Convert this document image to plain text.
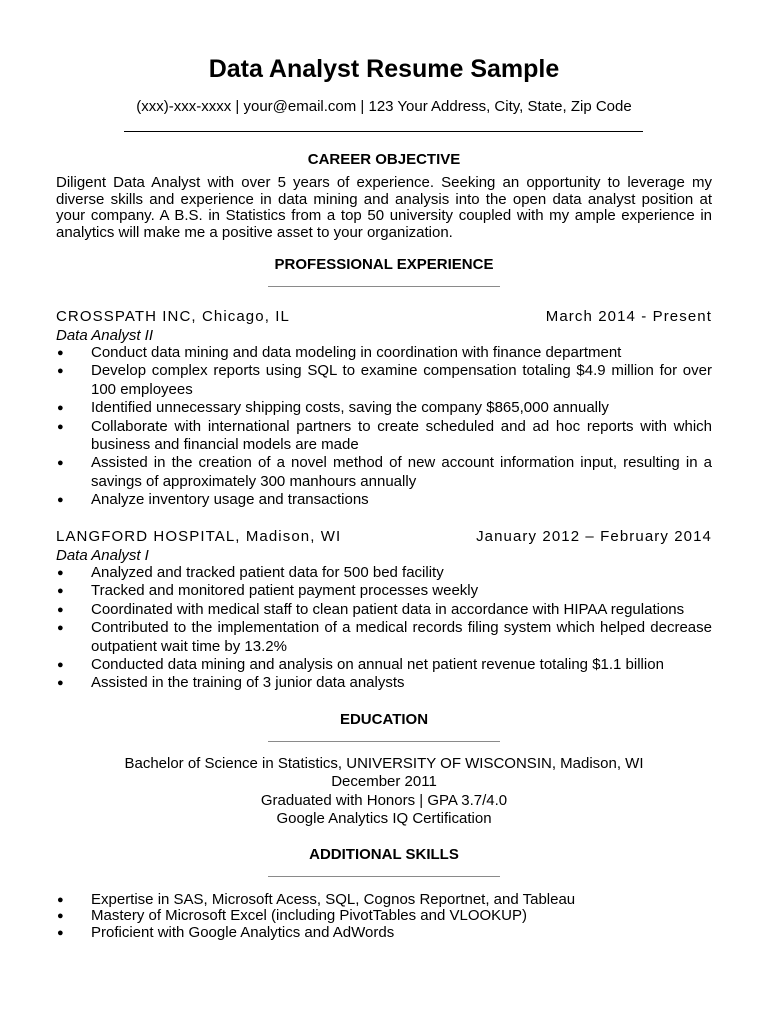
Data Analyst Resume Sample
(xxx)-xxx-xxxx | your@email.com | 123 Your Address, City, State, Zip Code
CAREER OBJECTIVE
Diligent Data Analyst with over 5 years of experience. Seeking an opportunity to leverage my diverse skills and experience in data mining and analysis into the open data analyst position at your company. A B.S. in Statistics from a top 50 university coupled with my ample experience in analytics will make me a positive asset to your organization.
PROFESSIONAL EXPERIENCE
CROSSPATH INC, Chicago, IL	March 2014 - Present
Data Analyst II
● Conduct data mining and data modeling in coordination with finance department
● Develop complex reports using SQL to examine compensation totaling $4.9 million for over 100 employees
● Identified unnecessary shipping costs, saving the company $865,000 annually
● Collaborate with international partners to create scheduled and ad hoc reports with which business and financial models are made
● Assisted in the creation of a novel method of new account information input, resulting in a savings of approximately 300 manhours annually
● Analyze inventory usage and transactions
LANGFORD HOSPITAL, Madison, WI	January 2012 – February 2014
Data Analyst I
● Analyzed and tracked patient data for 500 bed facility
● Tracked and monitored patient payment processes weekly
● Coordinated with medical staff to clean patient data in accordance with HIPAA regulations
● Contributed to the implementation of a medical records filing system which helped decrease outpatient wait time by 13.2%
● Conducted data mining and analysis on annual net patient revenue totaling $1.1 billion
● Assisted in the training of 3 junior data analysts
EDUCATION
Bachelor of Science in Statistics, UNIVERSITY OF WISCONSIN, Madison, WI
December 2011
Graduated with Honors | GPA 3.7/4.0
Google Analytics IQ Certification
ADDITIONAL SKILLS
● Expertise in SAS, Microsoft Acess, SQL, Cognos Reportnet, and Tableau
● Mastery of Microsoft Excel (including PivotTables and VLOOKUP)
● Proficient with Google Analytics and AdWords
